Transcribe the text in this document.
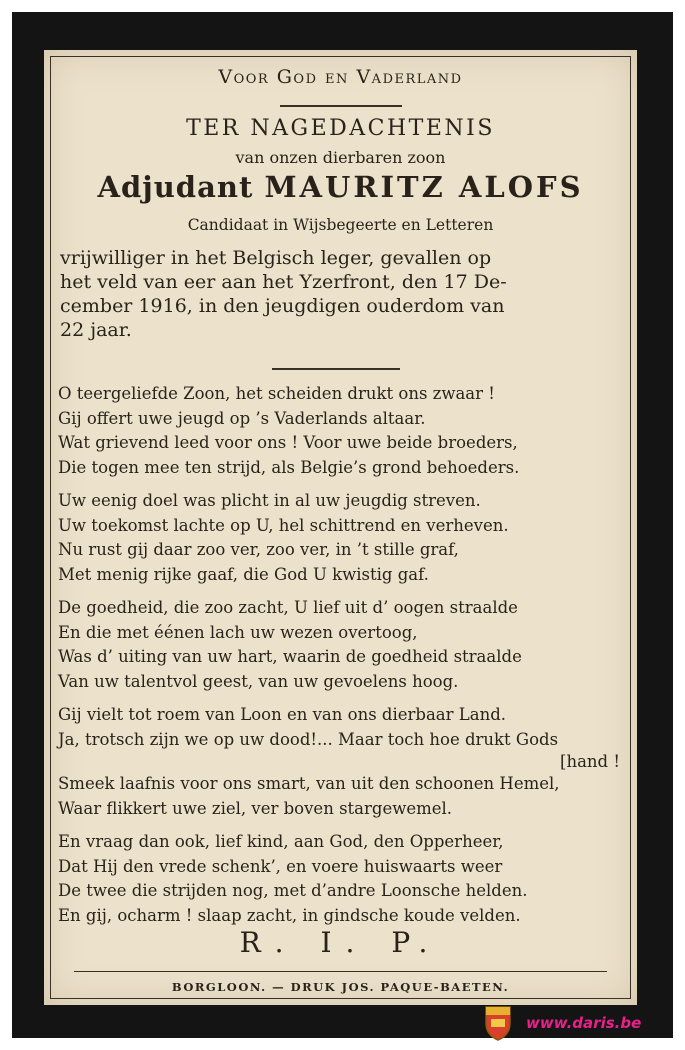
Voor God en Vaderland
TER NAGEDACHTENIS
van onzen dierbaren zoon
Adjudant MAURITZ ALOFS
Candidaat in Wijsbegeerte en Letteren
vrijwilliger in het Belgisch leger, gevallen op
het veld van eer aan het Yzerfront, den 17 De-
cember 1916, in den jeugdigen ouderdom van
22 jaar.
O teergeliefde Zoon, het scheiden drukt ons zwaar !
Gij offert uwe jeugd op ’s Vaderlands altaar.
Wat grievend leed voor ons ! Voor uwe beide broeders,
Die togen mee ten strijd, als Belgie’s grond behoeders.
Uw eenig doel was plicht in al uw jeugdig streven.
Uw toekomst lachte op U, hel schittrend en verheven.
Nu rust gij daar zoo ver, zoo ver, in ’t stille graf,
Met menig rijke gaaf, die God U kwistig gaf.
De goedheid, die zoo zacht, U lief uit d’ oogen straalde
En die met éénen lach uw wezen overtoog,
Was d’ uiting van uw hart, waarin de goedheid straalde
Van uw talentvol geest, van uw gevoelens hoog.
Gij vielt tot roem van Loon en van ons dierbaar Land.
Ja, trotsch zijn we op uw dood!... Maar toch hoe drukt Gods
[hand !
Smeek laafnis voor ons smart, van uit den schoonen Hemel,
Waar flikkert uwe ziel, ver boven stargewemel.
En vraag dan ook, lief kind, aan God, den Opperheer,
Dat Hij den vrede schenk’, en voere huiswaarts weer
De twee die strijden nog, met d’andre Loonsche helden.
En gij, ocharm ! slaap zacht, in gindsche koude velden.
R. I. P.
BORGLOON. — DRUK JOS. PAQUE-BAETEN.
www.daris.be
